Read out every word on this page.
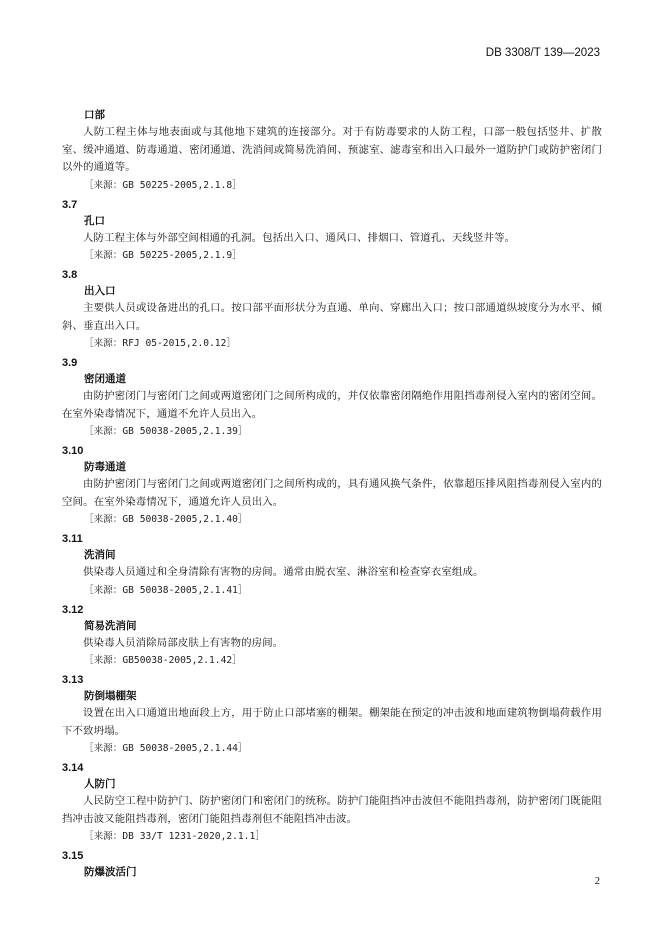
DB 3308/T 139—2023
口部
人防工程主体与地表面或与其他地下建筑的连接部分。对于有防毒要求的人防工程，口部一般包括竖井、扩散室、缓冲通道、防毒通道、密闭通道、洗消间或简易洗消间、预滤室、滤毒室和出入口最外一道防护门或防护密闭门以外的通道等。
［来源：GB 50225-2005,2.1.8］
3.7
孔口
人防工程主体与外部空间相通的孔洞。包括出入口、通风口、排烟口、管道孔、天线竖井等。
［来源：GB 50225-2005,2.1.9］
3.8
出入口
主要供人员或设备进出的孔口。按口部平面形状分为直通、单向、穿廊出入口；按口部通道纵坡度分为水平、倾斜、垂直出入口。
［来源：RFJ 05-2015,2.0.12］
3.9
密闭通道
由防护密闭门与密闭门之间或两道密闭门之间所构成的，并仅依靠密闭隔绝作用阻挡毒剂侵入室内的密闭空间。在室外染毒情况下，通道不允许人员出入。
［来源：GB 50038-2005,2.1.39］
3.10
防毒通道
由防护密闭门与密闭门之间或两道密闭门之间所构成的，具有通风换气条件，依靠超压排风阻挡毒剂侵入室内的空间。在室外染毒情况下，通道允许人员出入。
［来源：GB 50038-2005,2.1.40］
3.11
洗消间
供染毒人员通过和全身清除有害物的房间。通常由脱衣室、淋浴室和检查穿衣室组成。
［来源：GB 50038-2005,2.1.41］
3.12
简易洗消间
供染毒人员消除局部皮肤上有害物的房间。
［来源：GB50038-2005,2.1.42］
3.13
防倒塌棚架
设置在出入口通道出地面段上方，用于防止口部堵塞的棚架。棚架能在预定的冲击波和地面建筑物倒塌荷载作用下不致坍塌。
［来源：GB 50038-2005,2.1.44］
3.14
人防门
人民防空工程中防护门、防护密闭门和密闭门的统称。防护门能阻挡冲击波但不能阻挡毒剂，防护密闭门既能阻挡冲击波又能阻挡毒剂，密闭门能阻挡毒剂但不能阻挡冲击波。
［来源：DB 33/T 1231-2020,2.1.1］
3.15
防爆波活门
2
